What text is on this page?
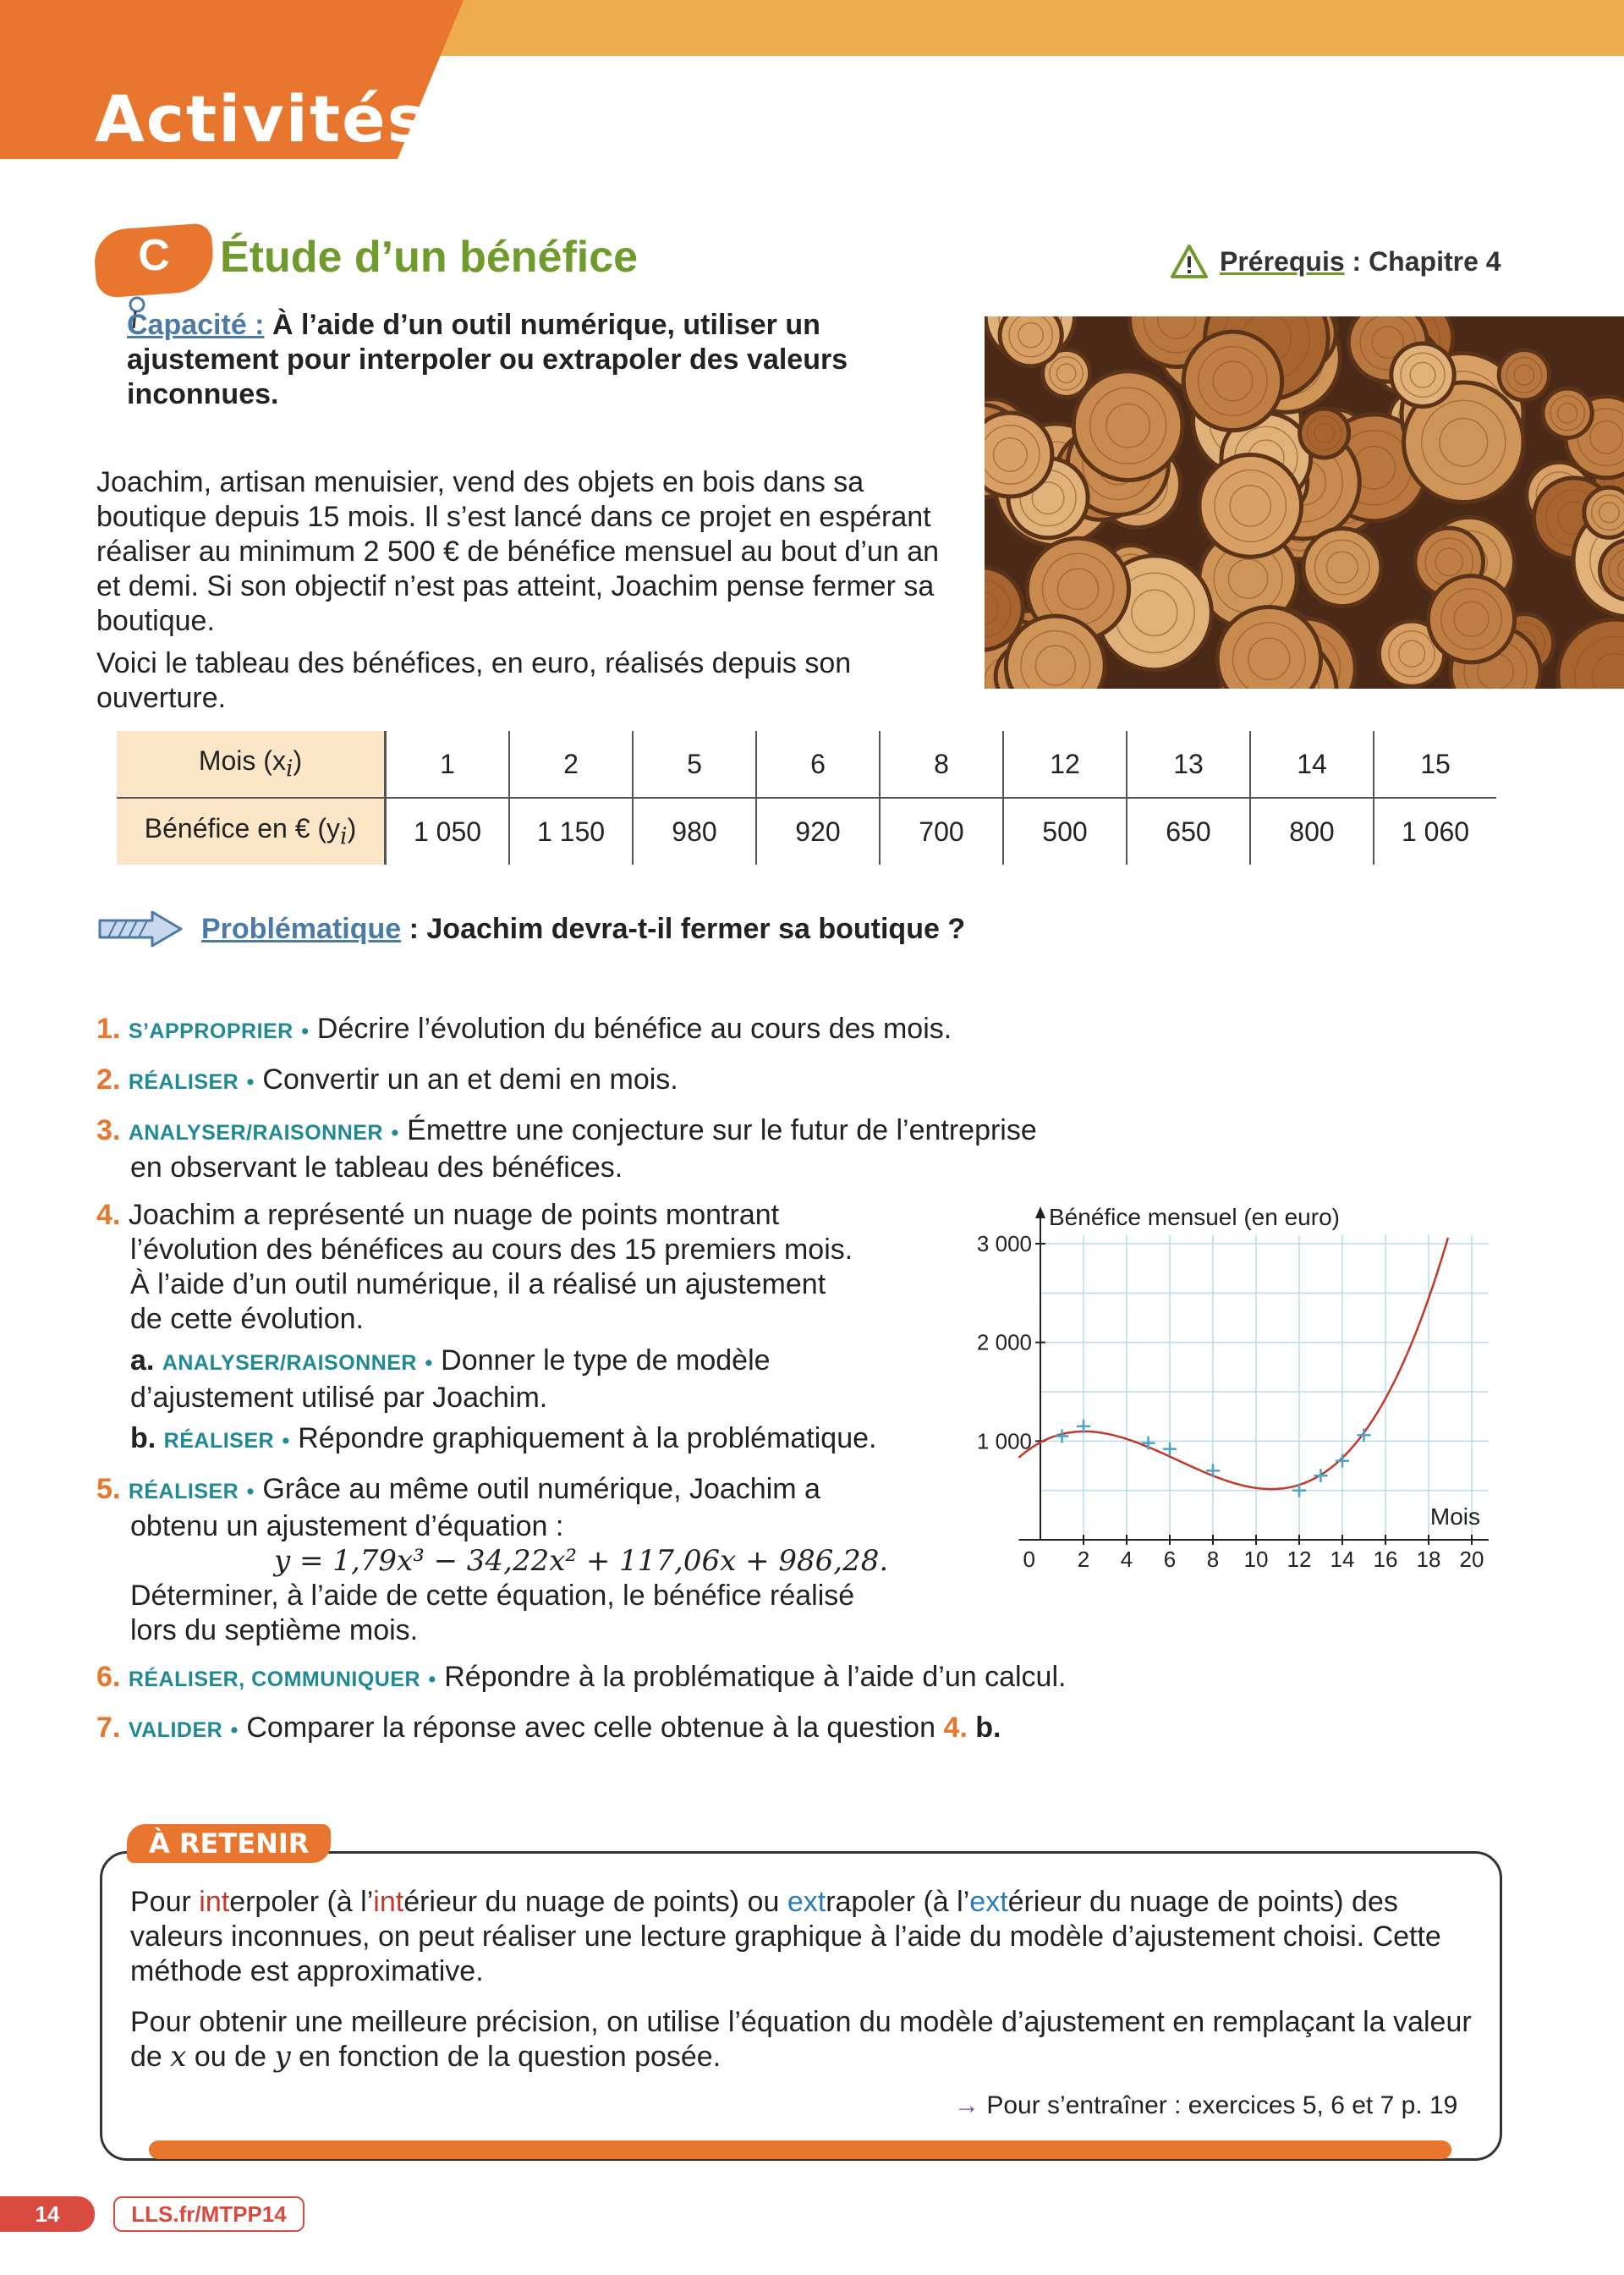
Activités
C	Étude d’un bénéfice	Prérequis : Chapitre 4
Capacité : À l’aide d’un outil numérique, utiliser un ajustement pour interpoler ou extrapoler des valeurs inconnues.
Joachim, artisan menuisier, vend des objets en bois dans sa boutique depuis 15 mois. Il s’est lancé dans ce projet en espérant réaliser au minimum 2 500 € de bénéfice mensuel au bout d’un an et demi. Si son objectif n’est pas atteint, Joachim pense fermer sa boutique.
Voici le tableau des bénéfices, en euro, réalisés depuis son ouverture.
Mois $(x_i)$	1	2	5	6	8	12	13	14	15
Bénéfice en € $(y_i)$	1 050	1 150	980	920	700	500	650	800	1 060
Problématique : Joachim devra-t-il fermer sa boutique ?
1. S’APPROPRIER • Décrire l’évolution du bénéfice au cours des mois.
2. RÉALISER • Convertir un an et demi en mois.
3. ANALYSER/RAISONNER • Émettre une conjecture sur le futur de l’entreprise
en observant le tableau des bénéfices.
4. Joachim a représenté un nuage de points montrant
l’évolution des bénéfices au cours des 15 premiers mois.
À l’aide d’un outil numérique, il a réalisé un ajustement
de cette évolution.
a. ANALYSER/RAISONNER • Donner le type de modèle
d’ajustement utilisé par Joachim.
b. RÉALISER • Répondre graphiquement à la problématique.
5. RÉALISER • Grâce au même outil numérique, Joachim a
obtenu un ajustement d’équation :
y = 1,79x³ − 34,22x² + 117,06x + 986,28.
Déterminer, à l’aide de cette équation, le bénéfice réalisé
lors du septième mois.
6. RÉALISER, COMMUNIQUER • Répondre à la problématique à l’aide d’un calcul.
7. VALIDER • Comparer la réponse avec celle obtenue à la question 4. b.
0 2 4 6 8 10 12 14 16 18 20
1 000
2 000
3 000
Bénéfice mensuel (en euro)
Mois
À RETENIR
Pour interpoler (à l’intérieur du nuage de points) ou extrapoler (à l’extérieur du nuage de points) des valeurs inconnues, on peut réaliser une lecture graphique à l’aide du modèle d’ajustement choisi. Cette méthode est approximative.
Pour obtenir une meilleure précision, on utilise l’équation du modèle d’ajustement en remplaçant la valeur de x ou de y en fonction de la question posée.
→ Pour s’entraîner : exercices 5, 6 et 7 p. 19
14	LLS.fr/MTPP14
